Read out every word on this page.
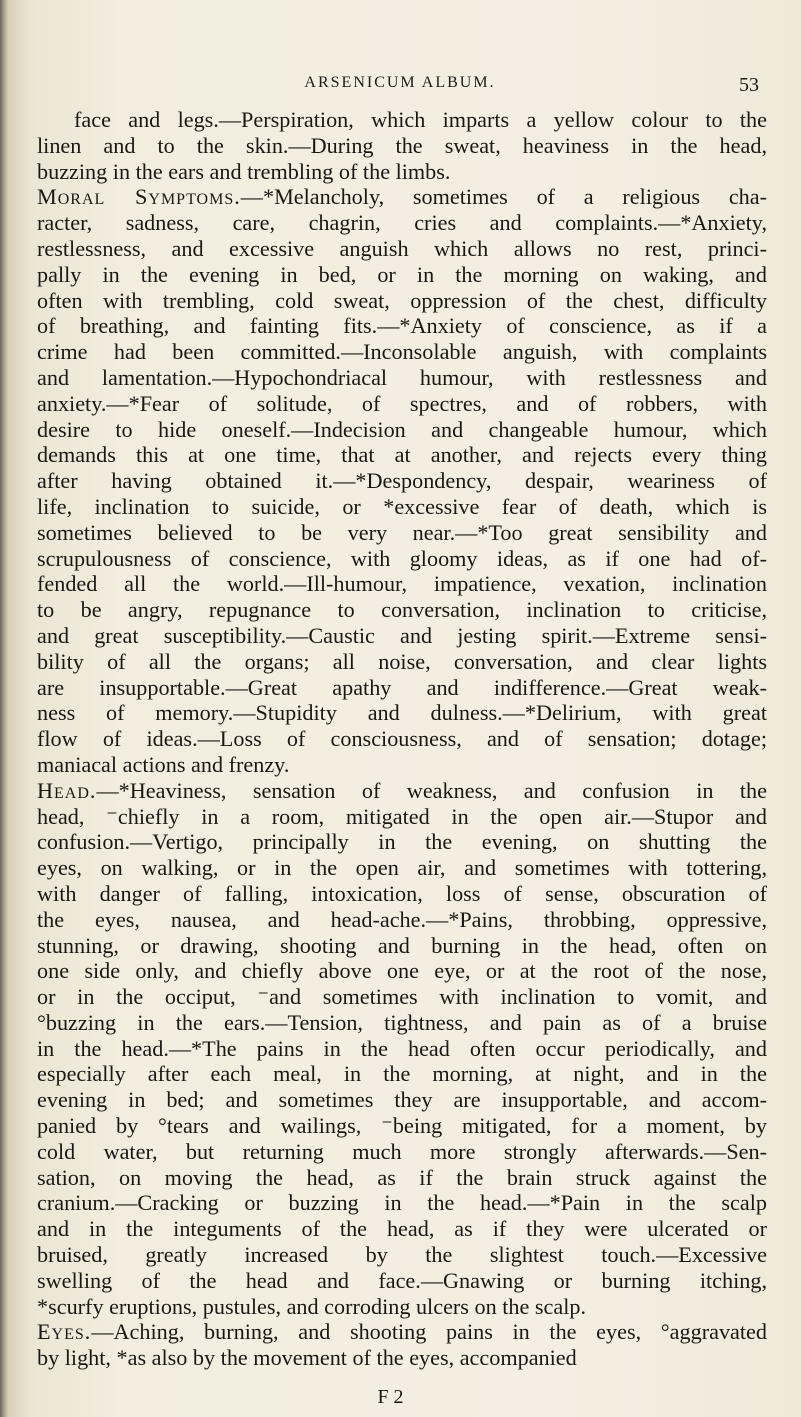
ARSENICUM ALBUM.	53
face and legs.—Perspiration, which imparts a yellow colour to the
linen and to the skin.—During the sweat, heaviness in the head,
buzzing in the ears and trembling of the limbs.
Moral Symptoms.—*Melancholy, sometimes of a religious cha-
racter, sadness, care, chagrin, cries and complaints.—*Anxiety,
restlessness, and excessive anguish which allows no rest, princi-
pally in the evening in bed, or in the morning on waking, and
often with trembling, cold sweat, oppression of the chest, difficulty
of breathing, and fainting fits.—*Anxiety of conscience, as if a
crime had been committed.—Inconsolable anguish, with complaints
and lamentation.—Hypochondriacal humour, with restlessness and
anxiety.—*Fear of solitude, of spectres, and of robbers, with
desire to hide oneself.—Indecision and changeable humour, which
demands this at one time, that at another, and rejects every thing
after having obtained it.—*Despondency, despair, weariness of
life, inclination to suicide, or *excessive fear of death, which is
sometimes believed to be very near.—*Too great sensibility and
scrupulousness of conscience, with gloomy ideas, as if one had of-
fended all the world.—Ill-humour, impatience, vexation, inclination
to be angry, repugnance to conversation, inclination to criticise,
and great susceptibility.—Caustic and jesting spirit.—Extreme sensi-
bility of all the organs; all noise, conversation, and clear lights
are insupportable.—Great apathy and indifference.—Great weak-
ness of memory.—Stupidity and dulness.—*Delirium, with great
flow of ideas.—Loss of consciousness, and of sensation; dotage;
maniacal actions and frenzy.
Head.—*Heaviness, sensation of weakness, and confusion in the
head, ⁻chiefly in a room, mitigated in the open air.—Stupor and
confusion.—Vertigo, principally in the evening, on shutting the
eyes, on walking, or in the open air, and sometimes with tottering,
with danger of falling, intoxication, loss of sense, obscuration of
the eyes, nausea, and head-ache.—*Pains, throbbing, oppressive,
stunning, or drawing, shooting and burning in the head, often on
one side only, and chiefly above one eye, or at the root of the nose,
or in the occiput, ⁻and sometimes with inclination to vomit, and
°buzzing in the ears.—Tension, tightness, and pain as of a bruise
in the head.—*The pains in the head often occur periodically, and
especially after each meal, in the morning, at night, and in the
evening in bed; and sometimes they are insupportable, and accom-
panied by °tears and wailings, ⁻being mitigated, for a moment, by
cold water, but returning much more strongly afterwards.—Sen-
sation, on moving the head, as if the brain struck against the
cranium.—Cracking or buzzing in the head.—*Pain in the scalp
and in the integuments of the head, as if they were ulcerated or
bruised, greatly increased by the slightest touch.—Excessive
swelling of the head and face.—Gnawing or burning itching,
*scurfy eruptions, pustules, and corroding ulcers on the scalp.
Eyes.—Aching, burning, and shooting pains in the eyes, °aggravated
by light, *as also by the movement of the eyes, accompanied
F 2
